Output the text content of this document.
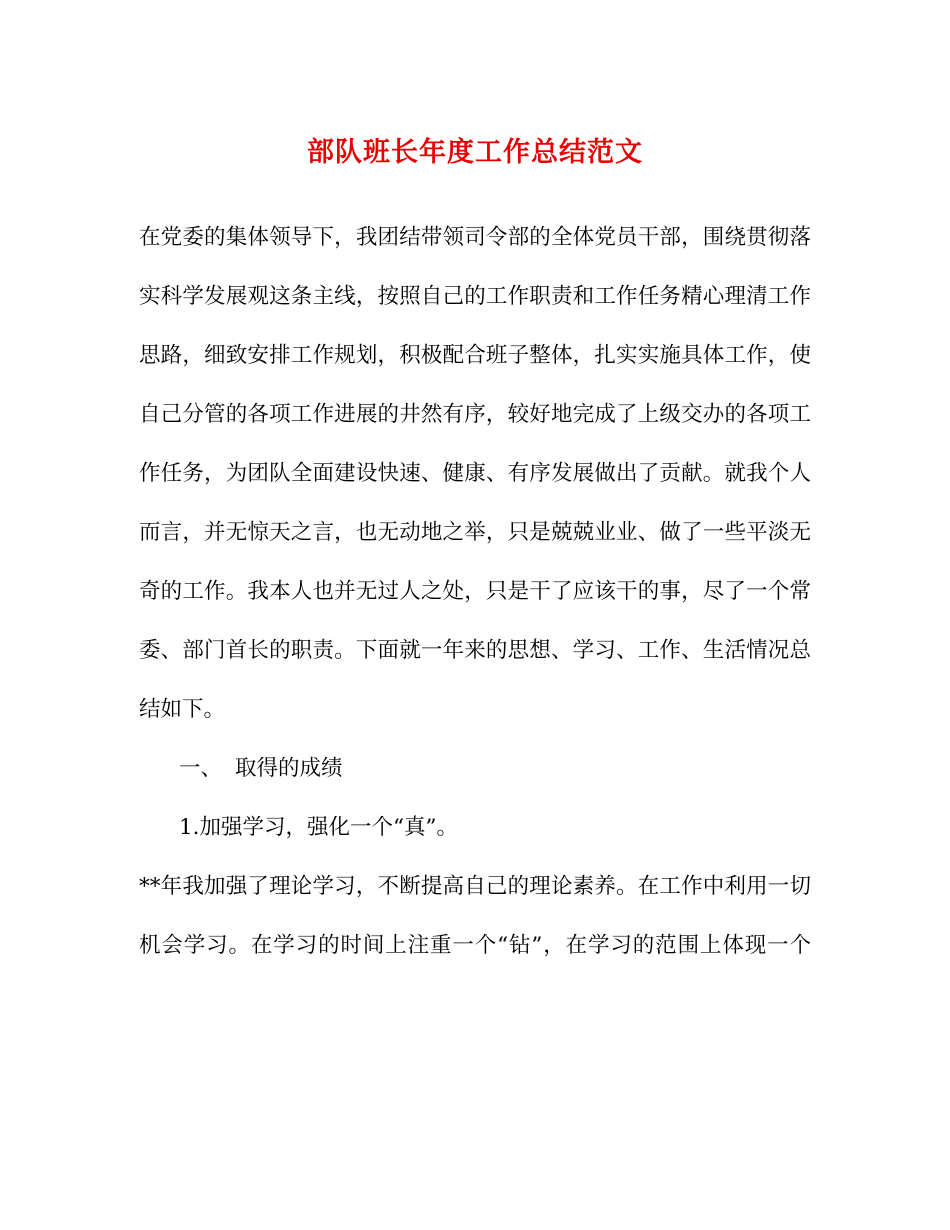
部队班长年度工作总结范文
在党委的集体领导下，我团结带领司令部的全体党员干部，围绕贯彻落
实科学发展观这条主线，按照自己的工作职责和工作任务精心理清工作
思路，细致安排工作规划，积极配合班子整体，扎实实施具体工作，使
自己分管的各项工作进展的井然有序，较好地完成了上级交办的各项工
作任务，为团队全面建设快速、健康、有序发展做出了贡献。就我个人
而言，并无惊天之言，也无动地之举，只是兢兢业业、做了一些平淡无
奇的工作。我本人也并无过人之处，只是干了应该干的事，尽了一个常
委、部门首长的职责。下面就一年来的思想、学习、工作、生活情况总
结如下。
一、 取得的成绩
1.加强学习，强化一个“真”。
**年我加强了理论学习，不断提高自己的理论素养。在工作中利用一切
机会学习。在学习的时间上注重一个“钻”，在学习的范围上体现一个
